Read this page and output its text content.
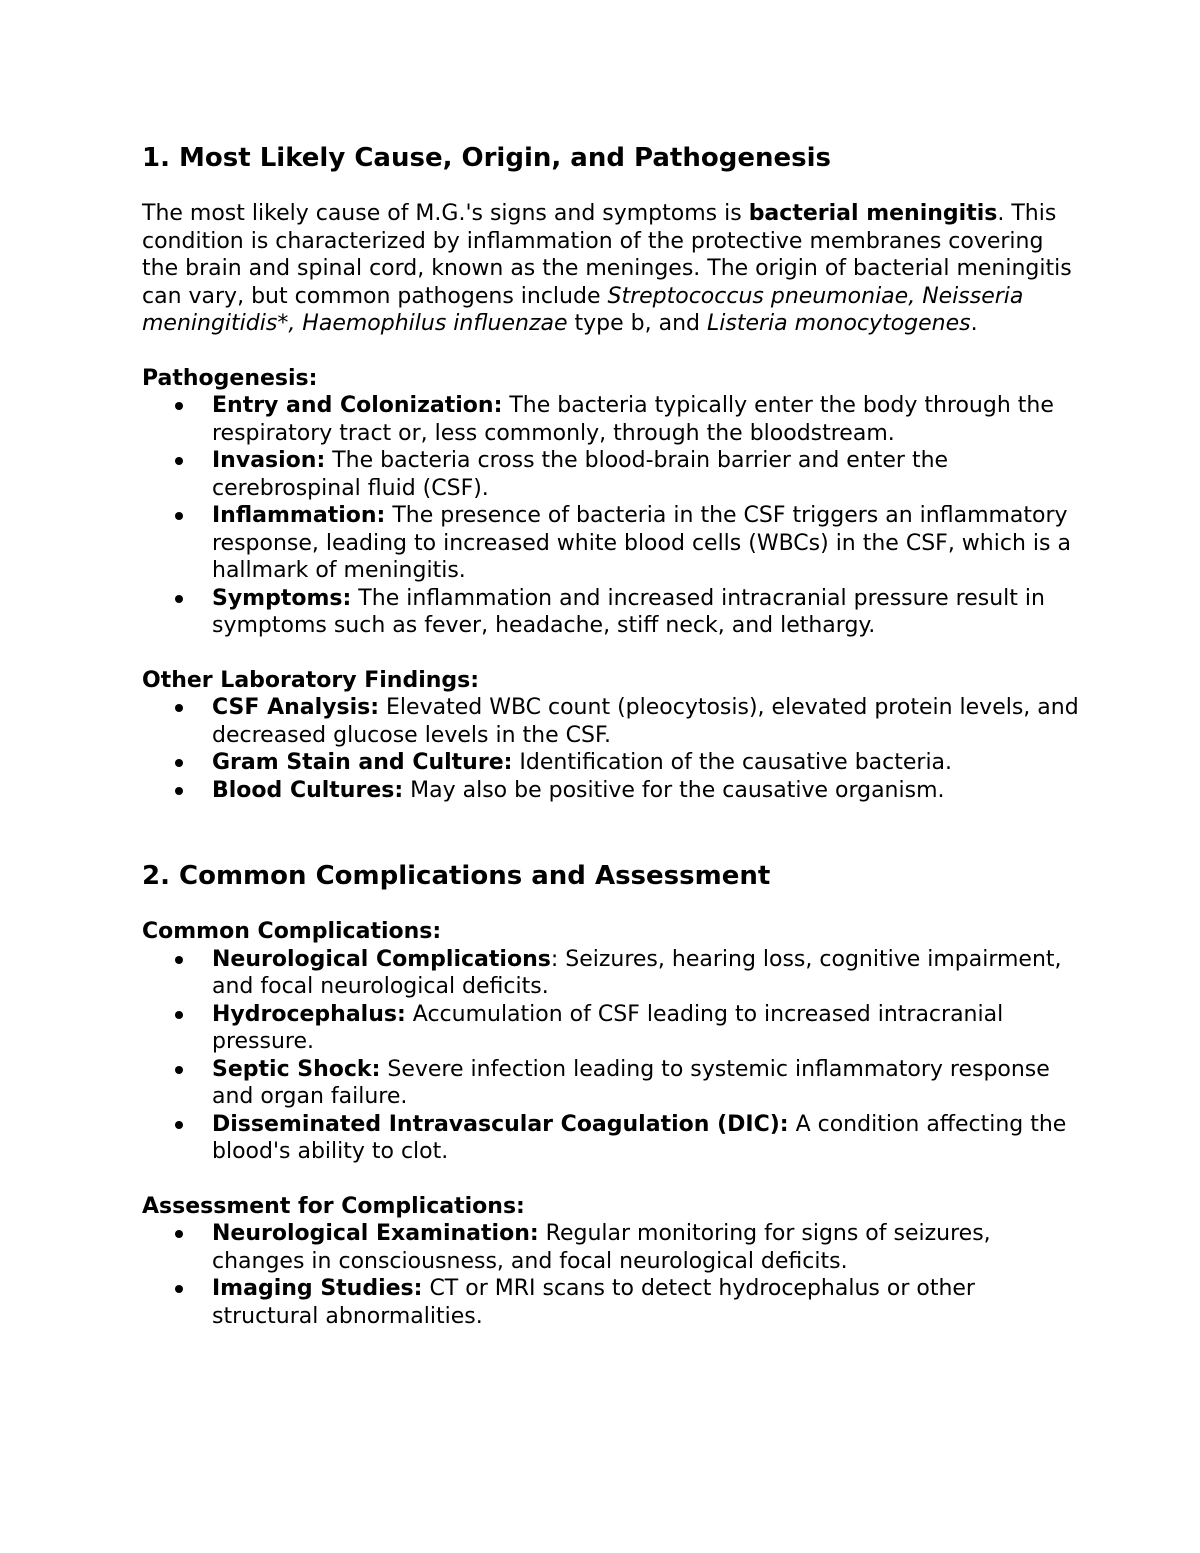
1. Most Likely Cause, Origin, and Pathogenesis

The most likely cause of M.G.'s signs and symptoms is bacterial meningitis. This condition is characterized by inflammation of the protective membranes covering the brain and spinal cord, known as the meninges. The origin of bacterial meningitis can vary, but common pathogens include Streptococcus pneumoniae, Neisseria meningitidis*, Haemophilus influenzae type b, and Listeria monocytogenes.

Pathogenesis:

Entry and Colonization: The bacteria typically enter the body through the respiratory tract or, less commonly, through the bloodstream.
Invasion: The bacteria cross the blood-brain barrier and enter the cerebrospinal fluid (CSF).
Inflammation: The presence of bacteria in the CSF triggers an inflammatory response, leading to increased white blood cells (WBCs) in the CSF, which is a hallmark of meningitis.
Symptoms: The inflammation and increased intracranial pressure result in symptoms such as fever, headache, stiff neck, and lethargy.

Other Laboratory Findings:

CSF Analysis: Elevated WBC count (pleocytosis), elevated protein levels, and decreased glucose levels in the CSF.
Gram Stain and Culture: Identification of the causative bacteria.
Blood Cultures: May also be positive for the causative organism.
2. Common Complications and Assessment

Common Complications:

Neurological Complications: Seizures, hearing loss, cognitive impairment, and focal neurological deficits.
Hydrocephalus: Accumulation of CSF leading to increased intracranial pressure.
Septic Shock: Severe infection leading to systemic inflammatory response and organ failure.
Disseminated Intravascular Coagulation (DIC): A condition affecting the blood's ability to clot.

Assessment for Complications:

Neurological Examination: Regular monitoring for signs of seizures, changes in consciousness, and focal neurological deficits.
Imaging Studies: CT or MRI scans to detect hydrocephalus or other structural abnormalities.
